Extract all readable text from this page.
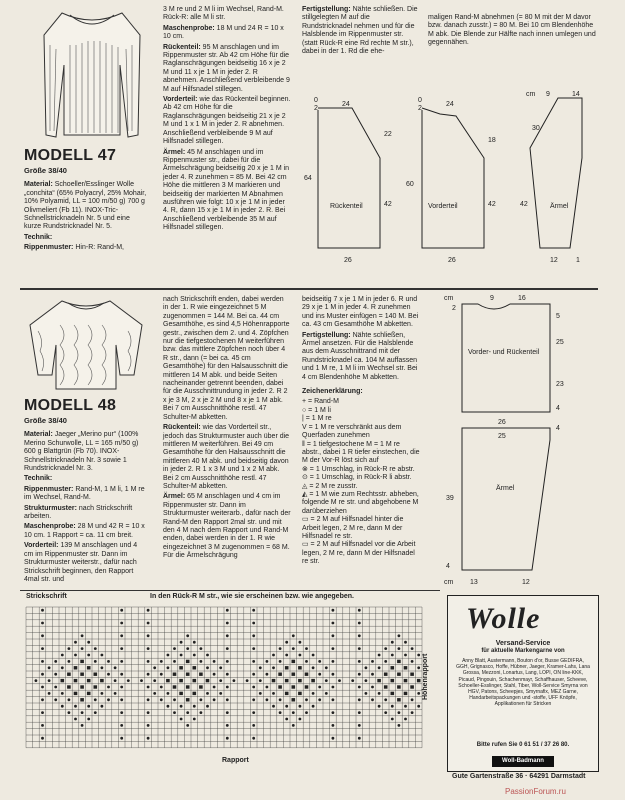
MODELL 47
Größe 38/40

Material: Schoeller/Esslinger Wolle „conchita“ (65% Polyacryl, 25% Mohair, 10% Polyamid, LL = 100 m/50 g) 700 g Olivmeliert (Fb 11). INOX-Tric-Schnellstricknadeln Nr. 5 und eine kurze Rundstricknadel Nr. 5.

Technik:

Rippenmuster: Hin-R: Rand-M,

3 M re und 2 M li im Wechsel, Rand-M. Rück-R: alle M li str.

Maschenprobe: 18 M und 24 R = 10 x 10 cm.

Rückenteil: 95 M anschlagen und im Rippenmuster str. Ab 42 cm Höhe für die Raglanschrägungen beidseitig 16 x je 2 M und 11 x je 1 M in jeder 2. R abnehmen. Anschließend verbleibende 9 M auf Hilfsnadel stillegen.

Vorderteil: wie das Rückenteil beginnen. Ab 42 cm Höhe für die Raglanschrägungen beidseitig 21 x je 2 M und 1 x 1 M in jeder 2. R abnehmen. Anschließend verbleibende 9 M auf Hilfsnadel stillegen.

Ärmel: 45 M anschlagen und im Rippenmuster str., dabei für die Ärmelschrägung beidseitig 20 x je 1 M in jeder 4. R zunehmen = 85 M. Bei 42 cm Höhe die mittleren 3 M markieren und beidseitig der markierten M Abnahmen ausführen wie folgt: 10 x je 1 M in jeder 4. R, dann 15 x je 1 M in jeder 2. R. Bei Anschließend verbleibende 35 M auf Hilfsnadel stillegen.

Fertigstellung: Nähte schließen. Die stillgelegten M auf die Rundstricknadel nehmen und für die Halsblende im Rippenmuster str. (statt Rück-R eine Rd rechte M str.), dabei in der 1. Rd die ehe-

maligen Rand-M abnehmen (= 80 M mit der M davor bzw. danach zusstr.) = 80 M. Bei 10 cm Blendenhöhe M abk. Die Blende zur Hälfte nach innen umlegen und gegennähen.

0
2
24
64
22
42
26
Rückenteil
0
2
24
60
18
42
26
Vorderteil
cm 9	14
30
42
12	1
Ärmel
MODELL 48
Größe 38/40

Material: Jaeger „Merino pur“ (100% Merino Schurwolle, LL = 165 m/50 g) 600 g Blattgrün (Fb 70). INOX-Schnellstricknadeln Nr. 3 sowie 1 Rundstricknadel Nr. 3.

Technik:

Rippenmuster: Rand-M, 1 M li, 1 M re im Wechsel, Rand-M.

Strukturmuster: nach Strickschrift arbeiten.

Maschenprobe: 28 M und 42 R = 10 x 10 cm. 1 Rapport = ca. 11 cm breit.

Vorderteil: 139 M anschlagen und 4 cm im Rippenmuster str. Dann im Strukturmuster weiterstr., dafür nach Strickschrift beginnen, den Rapport 4mal str. und

nach Strickschrift enden, dabei werden in der 1. R wie eingezeichnet 5 M zugenommen = 144 M. Bei ca. 44 cm Gesamthöhe, es sind 4,5 Höhenrapporte gestr., zwischen dem 2. und 4. Zöpfchen nur die tiefgestochenen M weiterführen bzw. das mittlere Zöpfchen noch über 4 R str., dann (= bei ca. 45 cm Gesamthöhe) für den Halsausschnitt die mittleren 14 M abk. und beide Seiten nacheinander getrennt beenden, dabei für die Ausschnittrundung in jeder 2. R 2 x je 3 M, 2 x je 2 M und 8 x je 1 M abk. Bei 7 cm Ausschnitthöhe restl. 47 Schulter-M abketten.

Rückenteil: wie das Vorderteil str., jedoch das Strukturmuster auch über die mittleren M weiterführen. Bei 49 cm Gesamthöhe für den Halsausschnitt die mittleren 40 M abk. und beidseitig davon in jeder 2. R 1 x 3 M und 1 x 2 M abk. Bei 2 cm Ausschnitthöhe restl. 47 Schulter-M abketten.

Ärmel: 65 M anschlagen und 4 cm im Rippenmuster str. Dann im Strukturmuster weiterarb., dafür nach der Rand-M den Rapport 2mal str. und mit den 4 M nach dem Rapport und Rand-M enden, dabei werden in der 1. R wie eingezeichnet 3 M zugenommen = 68 M. Für die Ärmelschrägung

beidseitig 7 x je 1 M in jeder 6. R und 29 x je 1 M in jeder 4. R zunehmen und ins Muster einfügen = 140 M. Bei ca. 43 cm Gesamthöhe M abketten.

Fertigstellung: Nähte schließen, Ärmel ansetzen. Für die Halsblende aus dem Ausschnittrand mit der Rundstricknadel ca. 104 M auffassen und 1 M re, 1 M li im Wechsel str. Bei 4 cm Blendenhöhe M abketten.

Zeichenerklärung:

+ = Rand-M
○ = 1 M li
| = 1 M re
V = 1 M re verschränkt aus dem Querfaden zunehmen
‖ = 1 tiefgestochene M = 1 M re abstr., dabei 1 R tiefer einstechen, die M der Vor-R löst sich auf
⊗ = 1 Umschlag, in Rück-R re abstr.
⊙ = 1 Umschlag, in Rück-R li abstr.
◬ = 2 M re zusstr.
◭ = 1 M wie zum Rechtsstr. abheben, folgende M re str. und abgehobene M darüberziehen
▭ = 2 M auf Hilfsnadel hinter die Arbeit legen, 2 M re, dann M der Hilfsnadel re str.
▭ = 2 M auf Hilfsnadel vor die Arbeit legen, 2 M re, dann M der Hilfsnadel re str.
cm	9	16
2
25
23
5
4
Vorder- und Rückenteil
26
25
4
39
Ärmel
4
cm 13	12
Strickschrift	In den Rück-R M str., wie sie erscheinen bzw. wie angegeben.
Rapport
Höhenrapport
Wolle
Versand-Service
für aktuelle Markengarne von
Anny Blatt, Austermann, Bouton d'or, Busse GEDIFRA, GGH, Grignasco, Hoffe, Hübner, Jaeger, Kramer-Lahs, Lana Grossa, Mezzoni, Lonartus, Lang, LOPI, ON line-KKK, Picaud, Pingouin, Schachenmayr, Schaffhauser, Scheeve, Schoeller-Esslinger, Stahl, Tiber, Woll-Service Smyrna von HGV, Patons, Scheepjes, Smyrnafix, MEZ Garne, Handarbeitspackungen und -stoffe, UFF Knöpfe, Applikationen für Stricken
Bitte rufen Sie 0 61 51 / 37 26 80.
Woll-Badmann
Gute Gartenstraße 36 · 64291 Darmstadt
PassionForum.ru
